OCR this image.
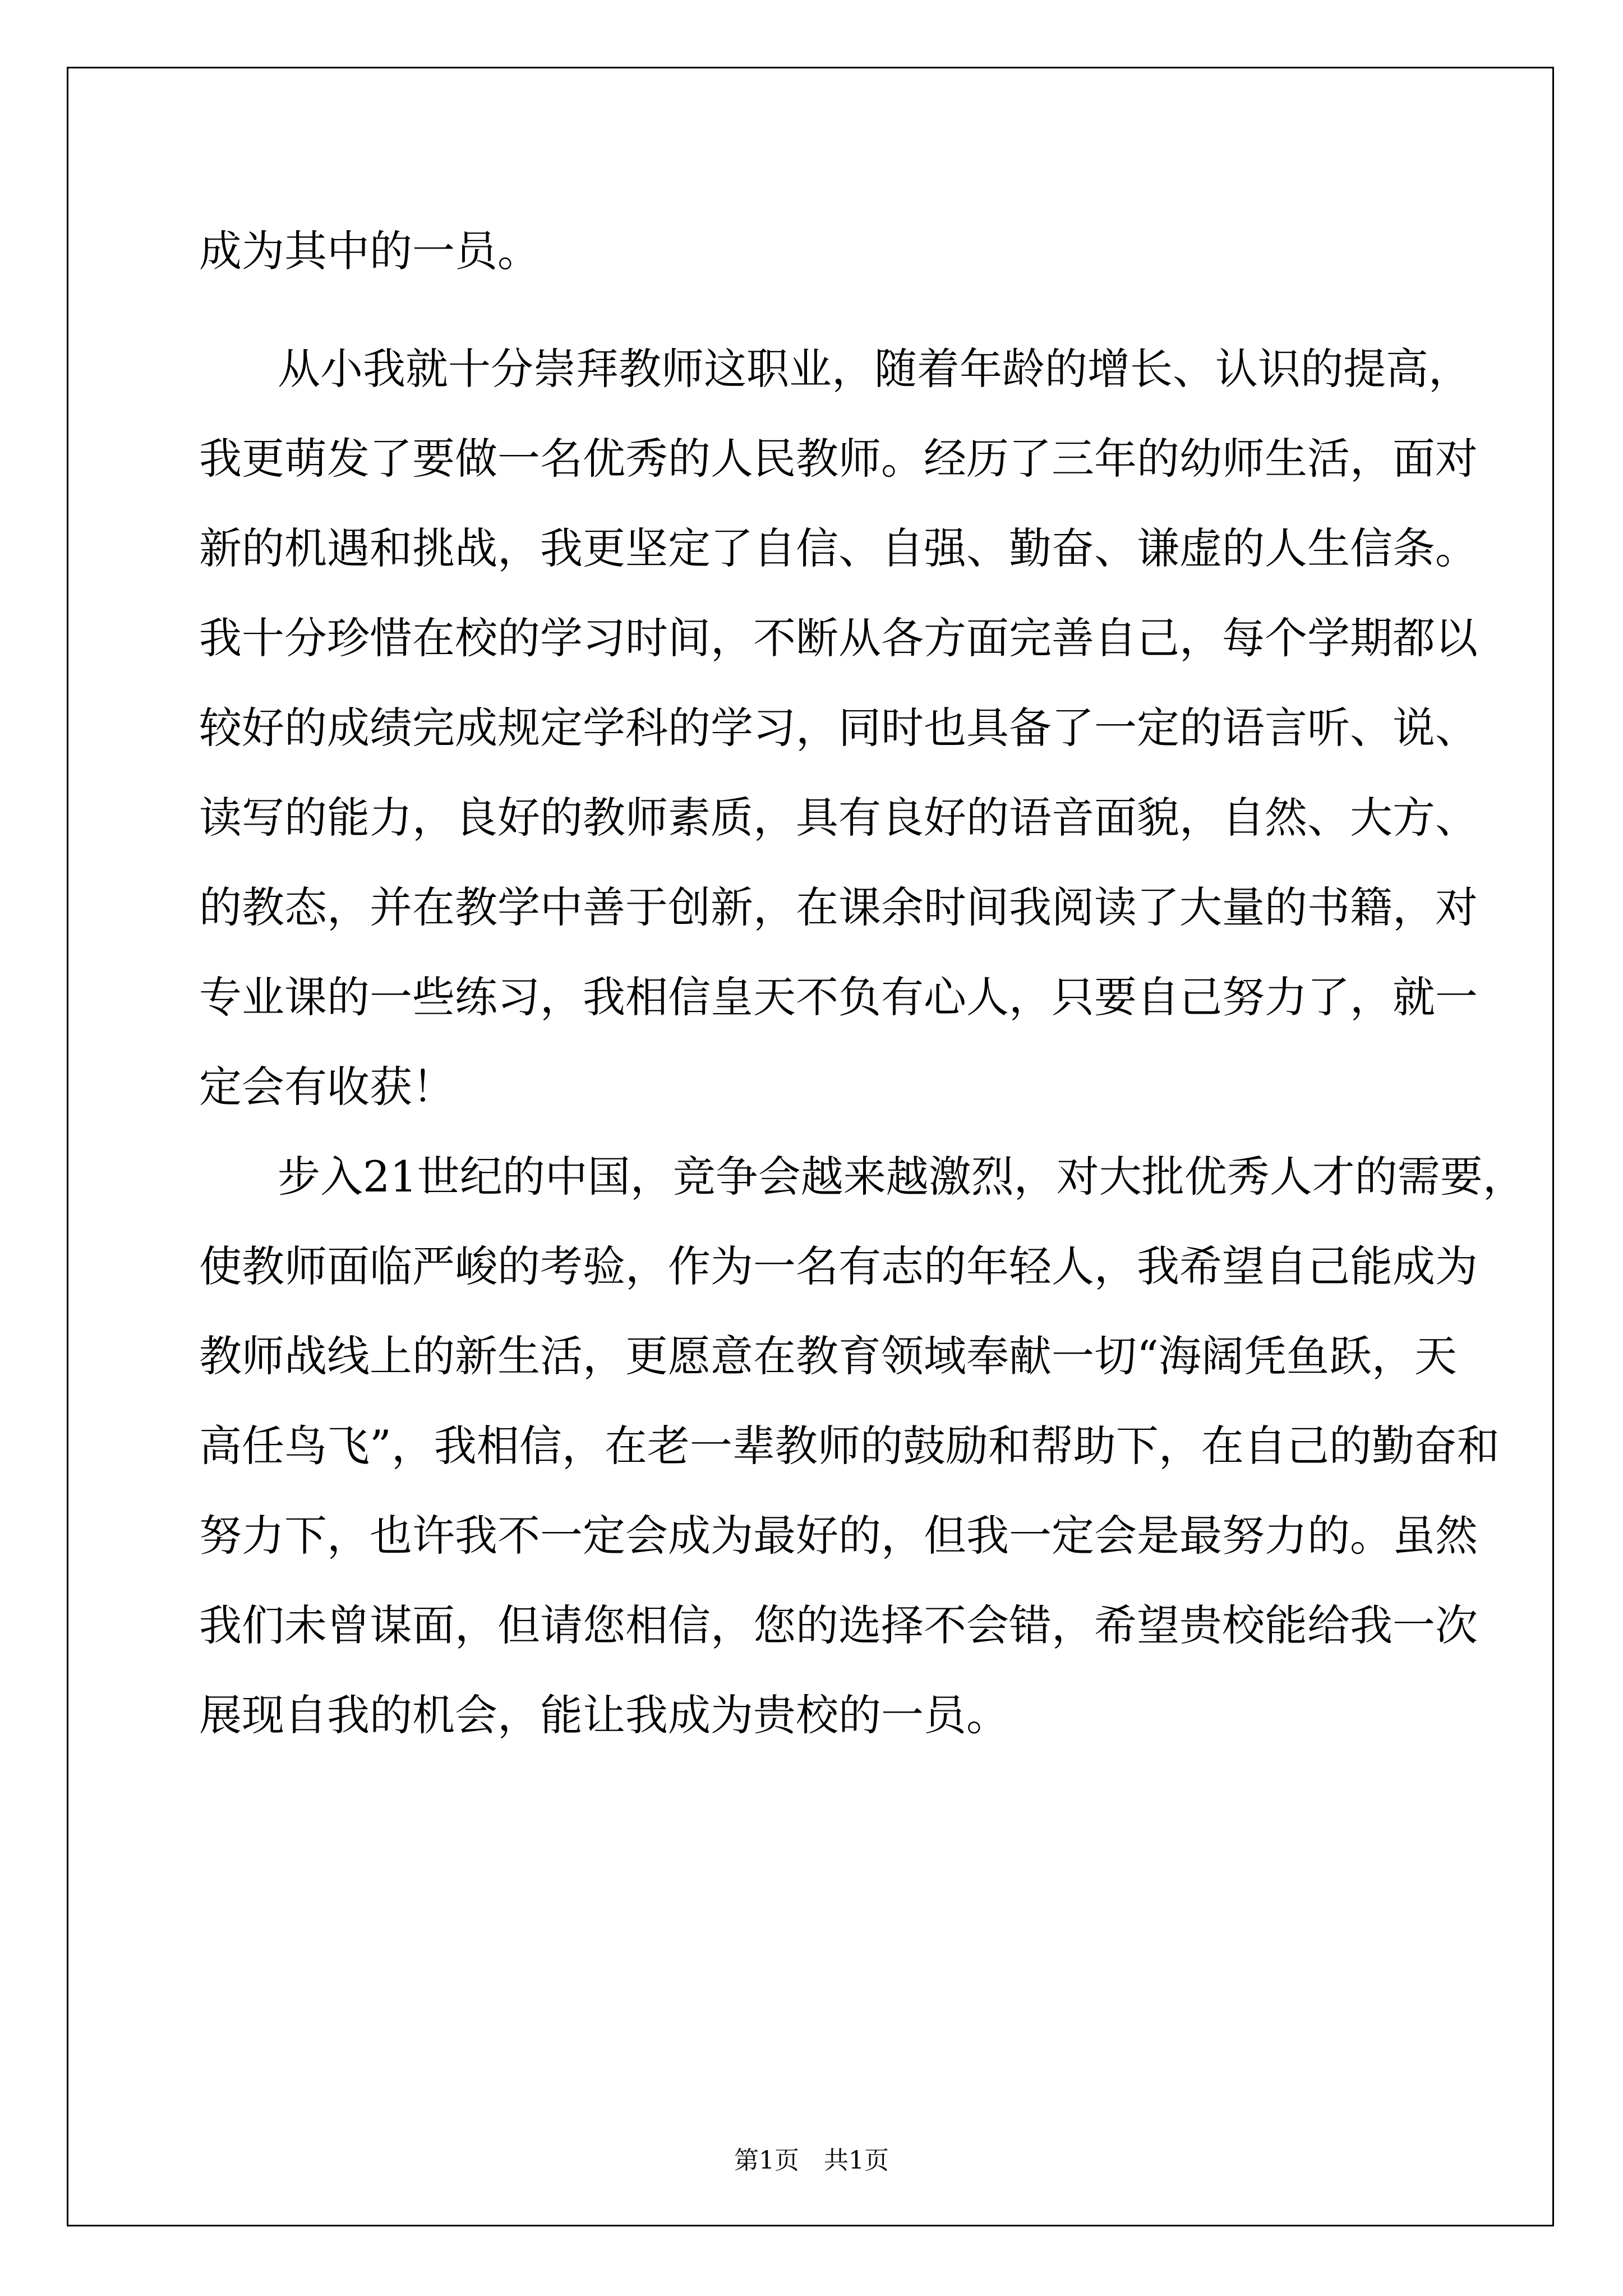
成为其中的一员。
从小我就十分崇拜教师这职业，随着年龄的增长、认识的提高，
我更萌发了要做一名优秀的人民教师。经历了三年的幼师生活，面对
新的机遇和挑战，我更坚定了自信、自强、勤奋、谦虚的人生信条。
我十分珍惜在校的学习时间，不断从各方面完善自己，每个学期都以
较好的成绩完成规定学科的学习，同时也具备了一定的语言听、说、
读写的能力，良好的教师素质，具有良好的语音面貌，自然、大方、
的教态，并在教学中善于创新，在课余时间我阅读了大量的书籍，对
专业课的一些练习，我相信皇天不负有心人，只要自己努力了，就一
定会有收获！
步入21世纪的中国，竞争会越来越激烈，对大批优秀人才的需要，
使教师面临严峻的考验，作为一名有志的年轻人，我希望自己能成为
教师战线上的新生活，更愿意在教育领域奉献一切“海阔凭鱼跃，天
高任鸟飞”，我相信，在老一辈教师的鼓励和帮助下，在自己的勤奋和
努力下，也许我不一定会成为最好的，但我一定会是最努力的。虽然
我们未曾谋面，但请您相信，您的选择不会错，希望贵校能给我一次
展现自我的机会，能让我成为贵校的一员。
第1页　共1页
